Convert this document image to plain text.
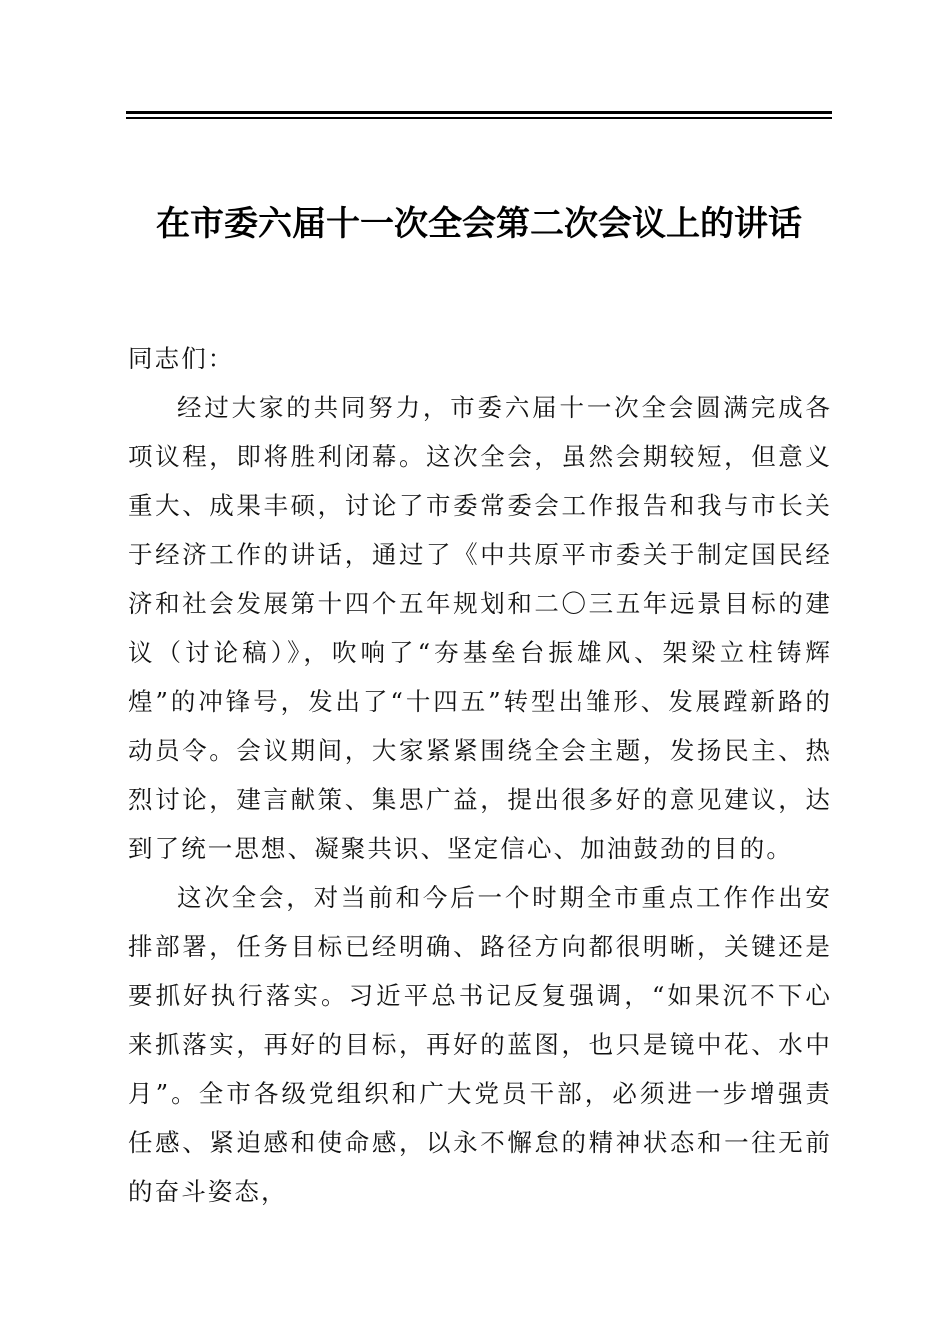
在市委六届十一次全会第二次会议上的讲话

同志们：

经过大家的共同努力，市委六届十一次全会圆满完成各项议程，即将胜利闭幕。这次全会，虽然会期较短，但意义重大、成果丰硕，讨论了市委常委会工作报告和我与市长关于经济工作的讲话，通过了《中共原平市委关于制定国民经济和社会发展第十四个五年规划和二〇三五年远景目标的建议（讨论稿）》，吹响了“夯基垒台振雄风、架梁立柱铸辉煌”的冲锋号，发出了“十四五”转型出雏形、发展蹚新路的动员令。会议期间，大家紧紧围绕全会主题，发扬民主、热烈讨论，建言献策、集思广益，提出很多好的意见建议，达到了统一思想、凝聚共识、坚定信心、加油鼓劲的目的。

这次全会，对当前和今后一个时期全市重点工作作出安排部署，任务目标已经明确、路径方向都很明晰，关键还是要抓好执行落实。习近平总书记反复强调，“如果沉不下心来抓落实，再好的目标，再好的蓝图，也只是镜中花、水中月”。全市各级党组织和广大党员干部，必须进一步增强责任感、紧迫感和使命感，以永不懈怠的精神状态和一往无前的奋斗姿态，
